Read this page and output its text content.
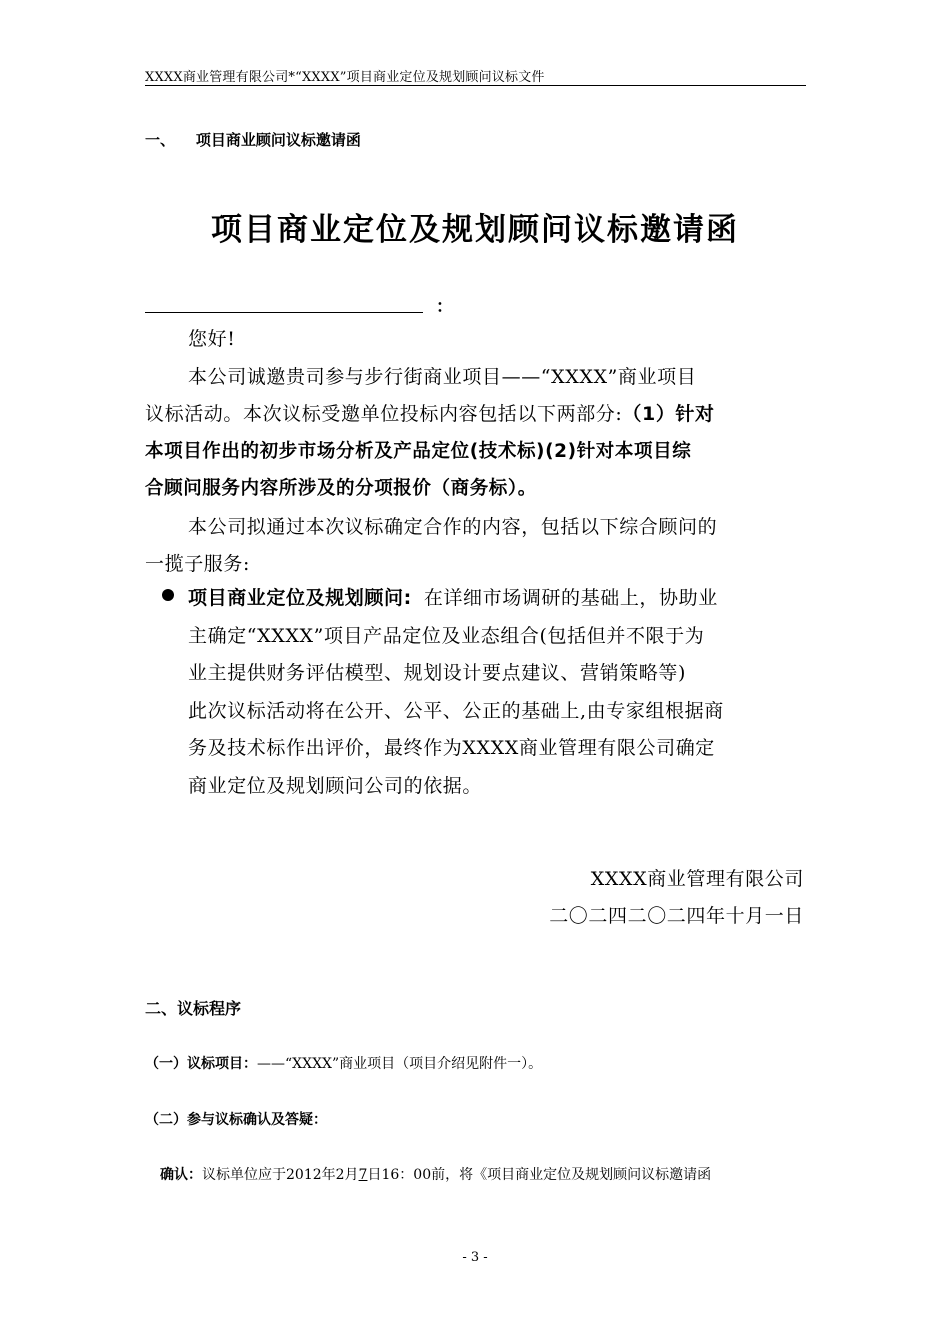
XXXX商业管理有限公司*“XXXX”项目商业定位及规划顾问议标文件
一、    项目商业顾问议标邀请函
项目商业定位及规划顾问议标邀请函
：
您好!
本公司诚邀贵司参与步行街商业项目——“XXXX”商业项目
议标活动。本次议标受邀单位投标内容包括以下两部分:（1）针对
本项目作出的初步市场分析及产品定位(技术标)(2)针对本项目综
合顾问服务内容所涉及的分项报价（商务标）。
本公司拟通过本次议标确定合作的内容，包括以下综合顾问的
一揽子服务:
项目商业定位及规划顾问: 在详细市场调研的基础上，协助业
主确定“XXXX”项目产品定位及业态组合(包括但并不限于为
业主提供财务评估模型、规划设计要点建议、营销策略等)
此次议标活动将在公开、公平、公正的基础上,由专家组根据商
务及技术标作出评价，最终作为XXXX商业管理有限公司确定
商业定位及规划顾问公司的依据。
XXXX商业管理有限公司
二〇二四二〇二四年十月一日
二、议标程序
（一）议标项目：——“XXXX”商业项目（项目介绍见附件一）。
（二）参与议标确认及答疑：
确认：议标单位应于2012年2月7日16：00前，将《项目商业定位及规划顾问议标邀请函
- 3 -
